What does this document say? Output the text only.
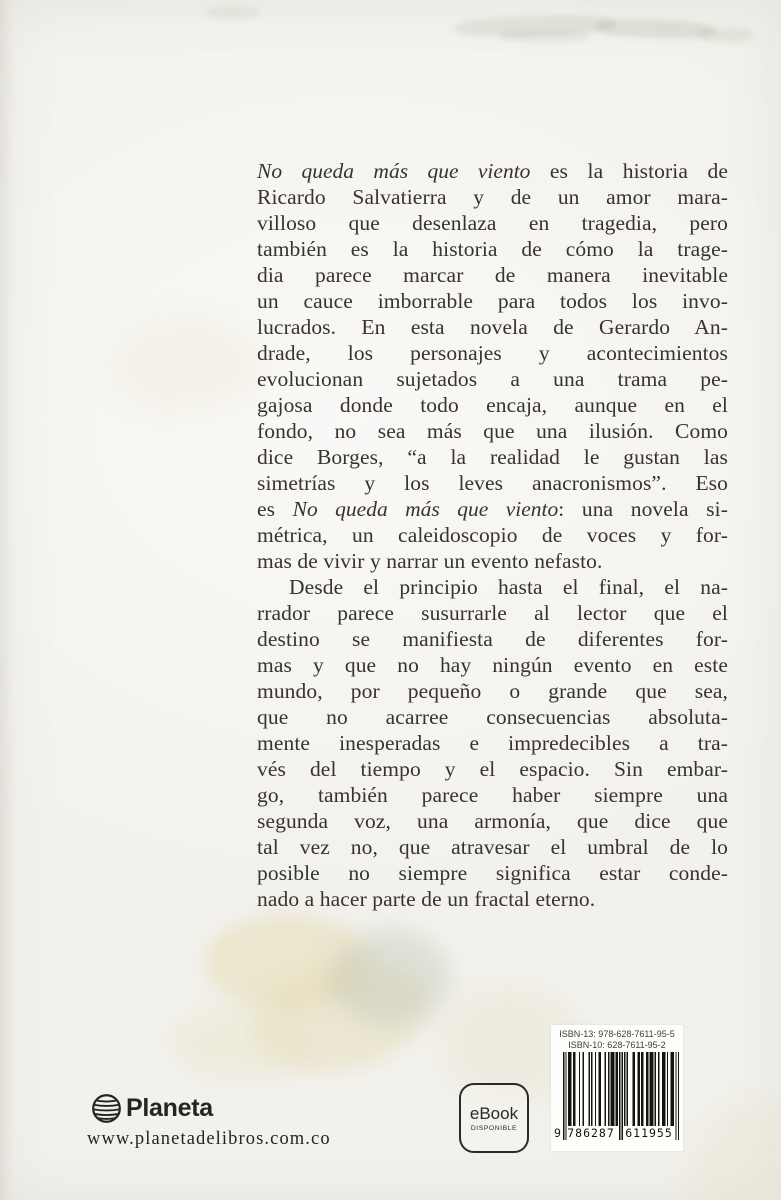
No queda más que viento es la historia de
Ricardo Salvatierra y de un amor mara-
villoso que desenlaza en tragedia, pero
también es la historia de cómo la trage-
dia parece marcar de manera inevitable
un cauce imborrable para todos los invo-
lucrados. En esta novela de Gerardo An-
drade, los personajes y acontecimientos
evolucionan sujetados a una trama pe-
gajosa donde todo encaja, aunque en el
fondo, no sea más que una ilusión. Como
dice Borges, “a la realidad le gustan las
simetrías y los leves anacronismos”. Eso
es No queda más que viento: una novela si-
métrica, un caleidoscopio de voces y for-
mas de vivir y narrar un evento nefasto.
Desde el principio hasta el final, el na-
rrador parece susurrarle al lector que el
destino se manifiesta de diferentes for-
mas y que no hay ningún evento en este
mundo, por pequeño o grande que sea,
que no acarree consecuencias absoluta-
mente inesperadas e impredecibles a tra-
vés del tiempo y el espacio. Sin embar-
go, también parece haber siempre una
segunda voz, una armonía, que dice que
tal vez no, que atravesar el umbral de lo
posible no siempre significa estar conde-
nado a hacer parte de un fractal eterno.
Planeta
www.planetadelibros.com.co
eBook
DISPONIBLE
ISBN-13: 978-628-7611-95-5
ISBN-10: 628-7611-95-2
9 786287 611955
